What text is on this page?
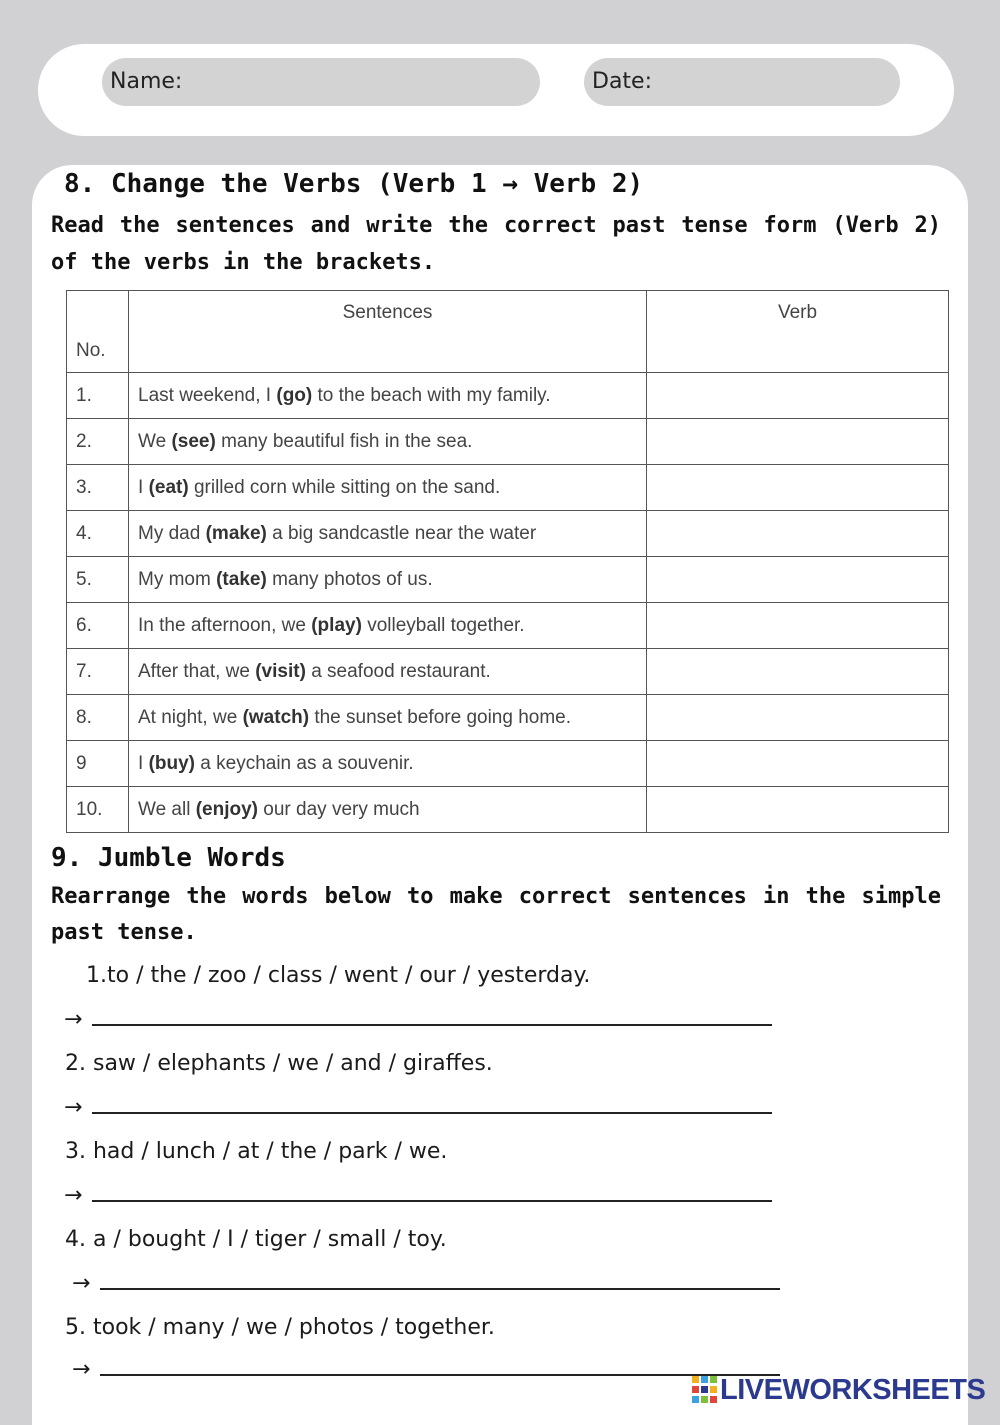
Name:	Date:
8. Change the Verbs (Verb 1 → Verb 2)
Read the sentences and write the correct past tense form (Verb 2) of the verbs in the brackets.
No.	Sentences	Verb
1.	Last weekend, I (go) to the beach with my family.	
2.	We (see) many beautiful fish in the sea.	
3.	I (eat) grilled corn while sitting on the sand.	
4.	My dad (make) a big sandcastle near the water	
5.	My mom (take) many photos of us.	
6.	In the afternoon, we (play) volleyball together.	
7.	After that, we (visit) a seafood restaurant.	
8.	At night, we (watch) the sunset before going home.	
9	I (buy) a keychain as a souvenir.	
10.	We all (enjoy) our day very much	
9. Jumble Words
Rearrange the words below to make correct sentences in the simple past tense.
1.to / the / zoo / class / went / our / yesterday.
→
2. saw / elephants / we / and / giraffes.
→
3. had / lunch / at / the / park / we.
→
4. a / bought / I / tiger / small / toy.
→
5. took / many / we / photos / together.
→
LIVEWORKSHEETS
